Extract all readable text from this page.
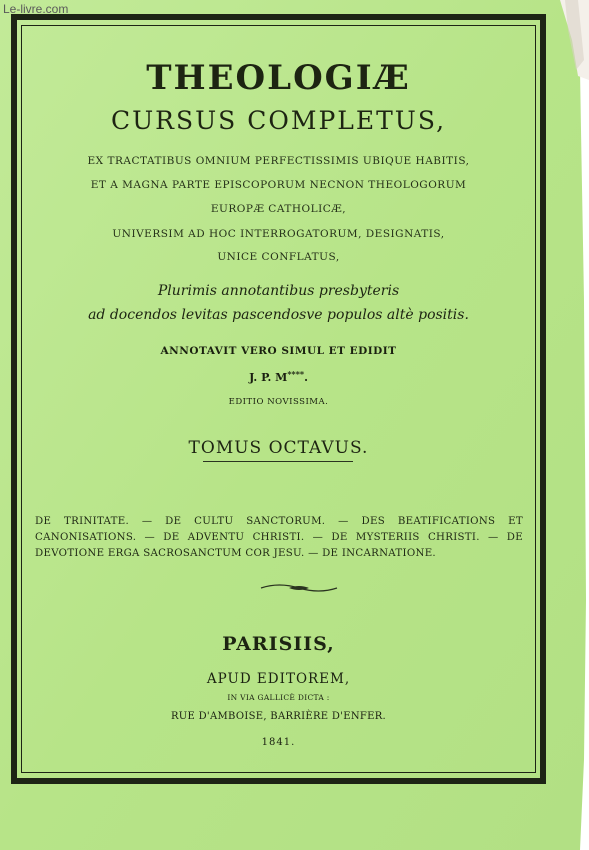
Le-livre.com
THEOLOGIÆ
CURSUS COMPLETUS,
EX TRACTATIBUS OMNIUM PERFECTISSIMIS UBIQUE HABITIS,
ET A MAGNA PARTE EPISCOPORUM NECNON THEOLOGORUM
EUROPÆ CATHOLICÆ,
UNIVERSIM AD HOC INTERROGATORUM, DESIGNATIS,
UNICE CONFLATUS,
Plurimis annotantibus presbyteris
ad docendos levitas pascendosve populos altè positis.
ANNOTAVIT VERO SIMUL ET EDIDIT
J. P. M****.
EDITIO NOVISSIMA.
TOMUS OCTAVUS.
DE TRINITATE. — DE CULTU SANCTORUM. — DES BEATIFICATIONS ET CANONISATIONS. — DE ADVENTU CHRISTI. — DE MYSTERIIS CHRISTI. — DE DEVOTIONE ERGA SACROSANCTUM COR JESU. — DE INCARNATIONE.
PARISIIS,
APUD EDITOREM,
IN VIA GALLICÈ DICTA :
RUE D'AMBOISE, BARRIÈRE D'ENFER.
1841.
